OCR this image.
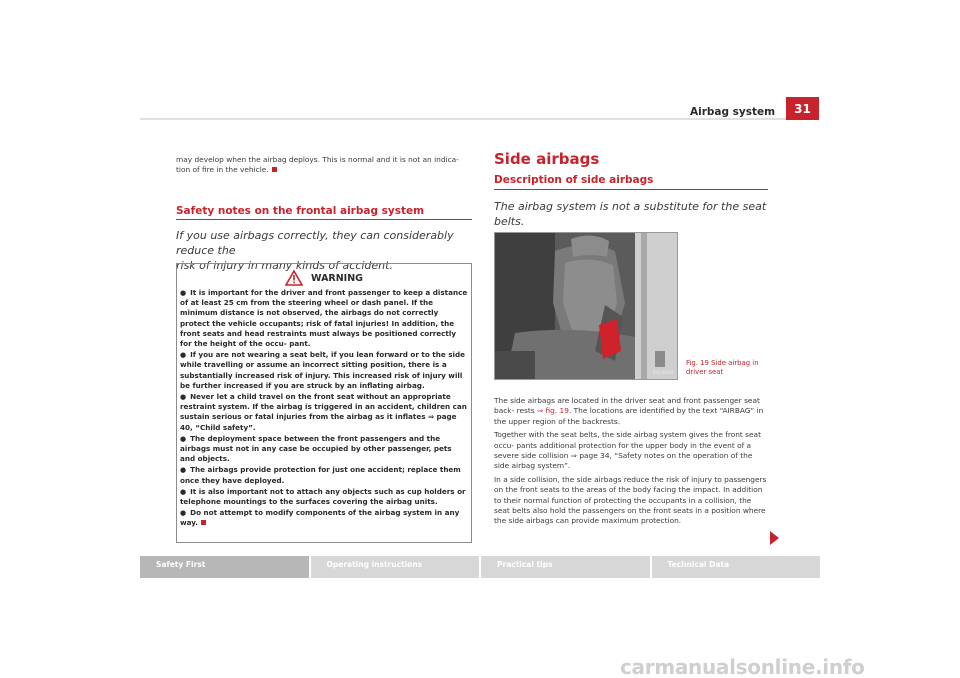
Airbag system	31
may develop when the airbag deploys. This is normal and it is not an indica-
tion of fire in the vehicle.
Safety notes on the frontal airbag system
If you use airbags correctly, they can considerably reduce the
risk of injury in many kinds of accident.
WARNING
● It is important for the driver and front passenger to keep a distance of at least 25 cm from the steering wheel or dash panel. If the minimum distance is not observed, the airbags do not correctly protect the vehicle occupants; risk of fatal injuries! In addition, the front seats and head restraints must always be positioned correctly for the height of the occu- pant.
● If you are not wearing a seat belt, if you lean forward or to the side while travelling or assume an incorrect sitting position, there is a substantially increased risk of injury. This increased risk of injury will be further increased if you are struck by an inflating airbag.
● Never let a child travel on the front seat without an appropriate restraint system. If the airbag is triggered in an accident, children can sustain serious or fatal injuries from the airbag as it inflates ⇒ page 40, “Child safety”.
● The deployment space between the front passengers and the airbags must not in any case be occupied by other passenger, pets and objects.
● The airbags provide protection for just one accident; replace them once they have deployed.
● It is also important not to attach any objects such as cup holders or telephone mountings to the surfaces covering the airbag units.
● Do not attempt to modify components of the airbag system in any way.
Side airbags
Description of side airbags
The airbag system is not a substitute for the seat belts.
B6J-0008
Fig. 19 Side airbag in
driver seat

The side airbags are located in the driver seat and front passenger seat back- rests ⇒ fig. 19. The locations are identified by the text “AIRBAG” in the upper region of the backrests.

Together with the seat belts, the side airbag system gives the front seat occu- pants additional protection for the upper body in the event of a severe side collision ⇒ page 34, “Safety notes on the operation of the side airbag system”.

In a side collision, the side airbags reduce the risk of injury to passengers on the front seats to the areas of the body facing the impact. In addition to their normal function of protecting the occupants in a collision, the seat belts also hold the passengers on the front seats in a position where the side airbags can provide maximum protection.

Safety First	Operating instructions	Practical tips	Technical Data
carmanualsonline.info
